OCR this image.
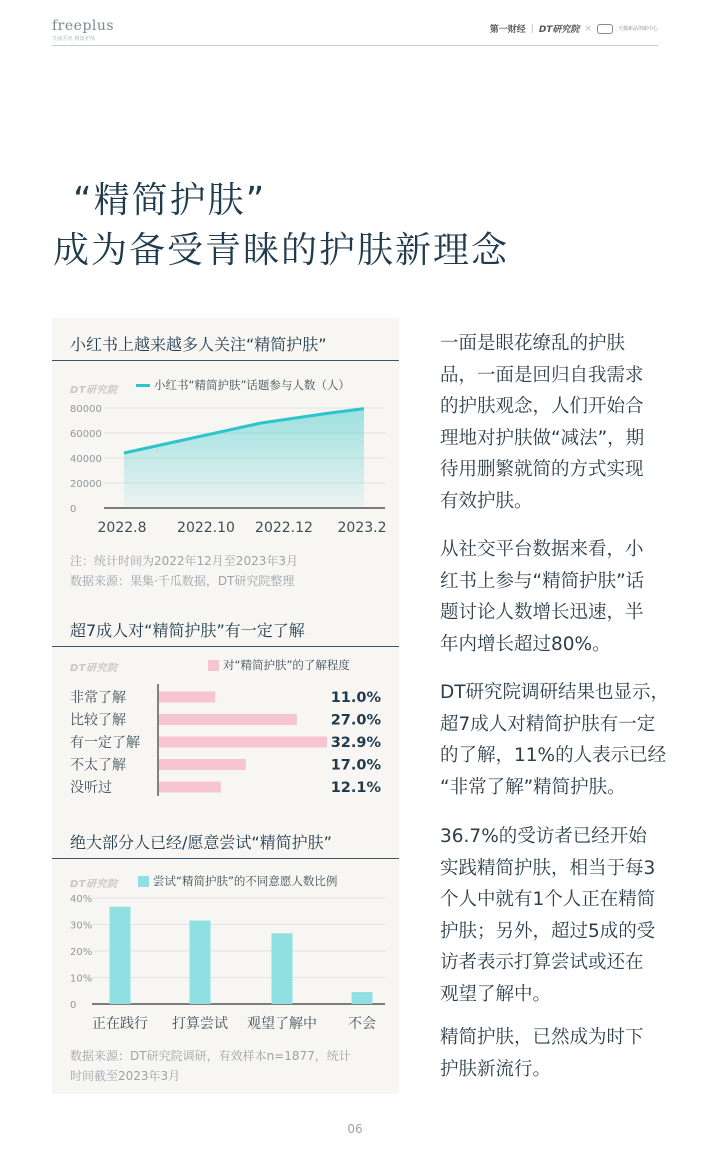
freeplus
芙丽芳丝 精简护肤
第一财经 | DT研究院 ×	天猫新品创新中心
“精简护肤”
成为备受青睐的护肤新理念
小红书上越来越多人关注“精简护肤”
DT研究院	小红书“精简护肤”话题参与人数（人）
80000
60000
40000
20000
0
2022.8 2022.10 2022.12 2023.2
注：统计时间为2022年12月至2023年3月
数据来源：果集·千瓜数据，DT研究院整理
超7成人对“精简护肤”有一定了解
DT研究院	对“精简护肤”的了解程度
非常了解	11.0%
比较了解	27.0%
有一定了解	32.9%
不太了解	17.0%
没听过	12.1%
绝大部分人已经/愿意尝试“精简护肤”
DT研究院	尝试“精简护肤”的不同意愿人数比例
40%
30%
20%
10%
0
正在践行 打算尝试 观望了解中 不会
数据来源：DT研究院调研，有效样本n=1877，统计
时间截至2023年3月
一面是眼花缭乱的护肤
品，一面是回归自我需求
的护肤观念，人们开始合
理地对护肤做“减法”，期
待用删繁就简的方式实现
有效护肤。
从社交平台数据来看，小
红书上参与“精简护肤”话
题讨论人数增长迅速，半
年内增长超过80%。
DT研究院调研结果也显示，
超7成人对精简护肤有一定
的了解，11%的人表示已经
“非常了解”精简护肤。
36.7%的受访者已经开始
实践精简护肤，相当于每3
个人中就有1个人正在精简
护肤；另外，超过5成的受
访者表示打算尝试或还在
观望了解中。
精简护肤，已然成为时下
护肤新流行。
06
